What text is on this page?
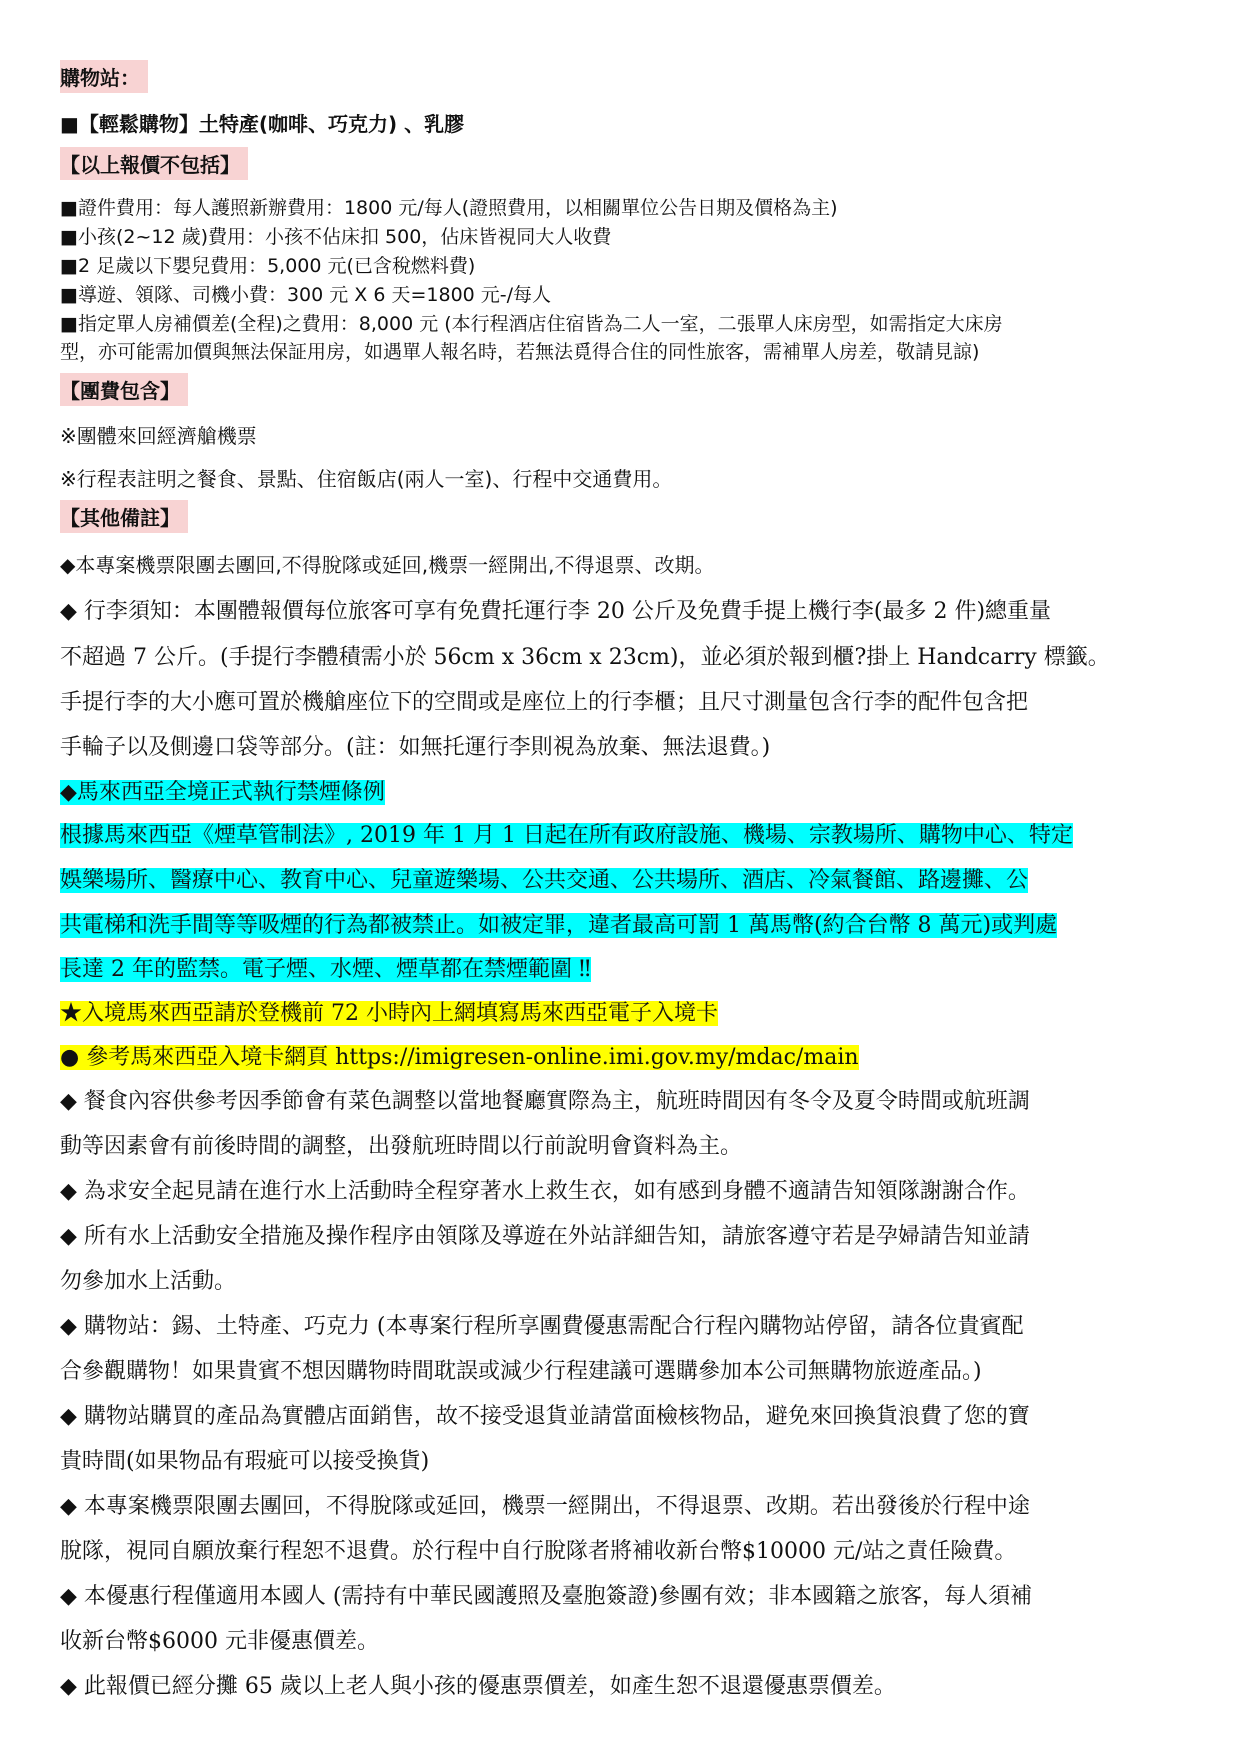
購物站：
■【輕鬆購物】土特產(咖啡、巧克力) 、乳膠
【以上報價不包括】
■證件費用：每人護照新辦費用：1800 元/每人(證照費用，以相關單位公告日期及價格為主)
■小孩(2~12 歲)費用：小孩不佔床扣 500，佔床皆視同大人收費
■2 足歲以下嬰兒費用：5,000 元(已含稅燃料費)
■導遊、領隊、司機小費：300 元 X 6 天=1800 元-/每人
■指定單人房補價差(全程)之費用：8,000 元 (本行程酒店住宿皆為二人一室，二張單人床房型，如需指定大床房
型，亦可能需加價與無法保証用房，如遇單人報名時，若無法覓得合住的同性旅客，需補單人房差，敬請見諒)
【團費包含】
※團體來回經濟艙機票
※行程表註明之餐食、景點、住宿飯店(兩人一室)、行程中交通費用。
【其他備註】
◆本專案機票限團去團回,不得脫隊或延回,機票一經開出,不得退票、改期。
◆ 行李須知：本團體報價每位旅客可享有免費托運行李 20 公斤及免費手提上機行李(最多 2 件)總重量
不超過 7 公斤。(手提行李體積需小於 56cm x 36cm x 23cm)，並必須於報到櫃?掛上 Handcarry 標籤。
手提行李的大小應可置於機艙座位下的空間或是座位上的行李櫃；且尺寸測量包含行李的配件包含把
手輪子以及側邊口袋等部分。(註：如無托運行李則視為放棄、無法退費。)
◆馬來西亞全境正式執行禁煙條例
根據馬來西亞《煙草管制法》, 2019 年 1 月 1 日起在所有政府設施、機場、宗教場所、購物中心、特定
娛樂場所、醫療中心、教育中心、兒童遊樂場、公共交通、公共場所、酒店、冷氣餐館、路邊攤、公
共電梯和洗手間等等吸煙的行為都被禁止。如被定罪，違者最高可罰 1 萬馬幣(約合台幣 8 萬元)或判處
長達 2 年的監禁。電子煙、水煙、煙草都在禁煙範圍 ‼
★入境馬來西亞請於登機前 72 小時內上網填寫馬來西亞電子入境卡
● 參考馬來西亞入境卡網頁 https://imigresen-online.imi.gov.my/mdac/main
◆ 餐食內容供參考因季節會有菜色調整以當地餐廳實際為主，航班時間因有冬令及夏令時間或航班調
動等因素會有前後時間的調整，出發航班時間以行前說明會資料為主。
◆ 為求安全起見請在進行水上活動時全程穿著水上救生衣，如有感到身體不適請告知領隊謝謝合作。
◆ 所有水上活動安全措施及操作程序由領隊及導遊在外站詳細告知，請旅客遵守若是孕婦請告知並請
勿參加水上活動。
◆ 購物站：錫、土特產、巧克力 (本專案行程所享團費優惠需配合行程內購物站停留，請各位貴賓配
合參觀購物！如果貴賓不想因購物時間耽誤或減少行程建議可選購參加本公司無購物旅遊產品。)
◆ 購物站購買的產品為實體店面銷售，故不接受退貨並請當面檢核物品，避免來回換貨浪費了您的寶
貴時間(如果物品有瑕疵可以接受換貨)
◆ 本專案機票限團去團回，不得脫隊或延回，機票一經開出，不得退票、改期。若出發後於行程中途
脫隊，視同自願放棄行程恕不退費。於行程中自行脫隊者將補收新台幣$10000 元/站之責任險費。
◆ 本優惠行程僅適用本國人 (需持有中華民國護照及臺胞簽證)參團有效；非本國籍之旅客，每人須補
收新台幣$6000 元非優惠價差。
◆ 此報價已經分攤 65 歲以上老人與小孩的優惠票價差，如產生恕不退還優惠票價差。
